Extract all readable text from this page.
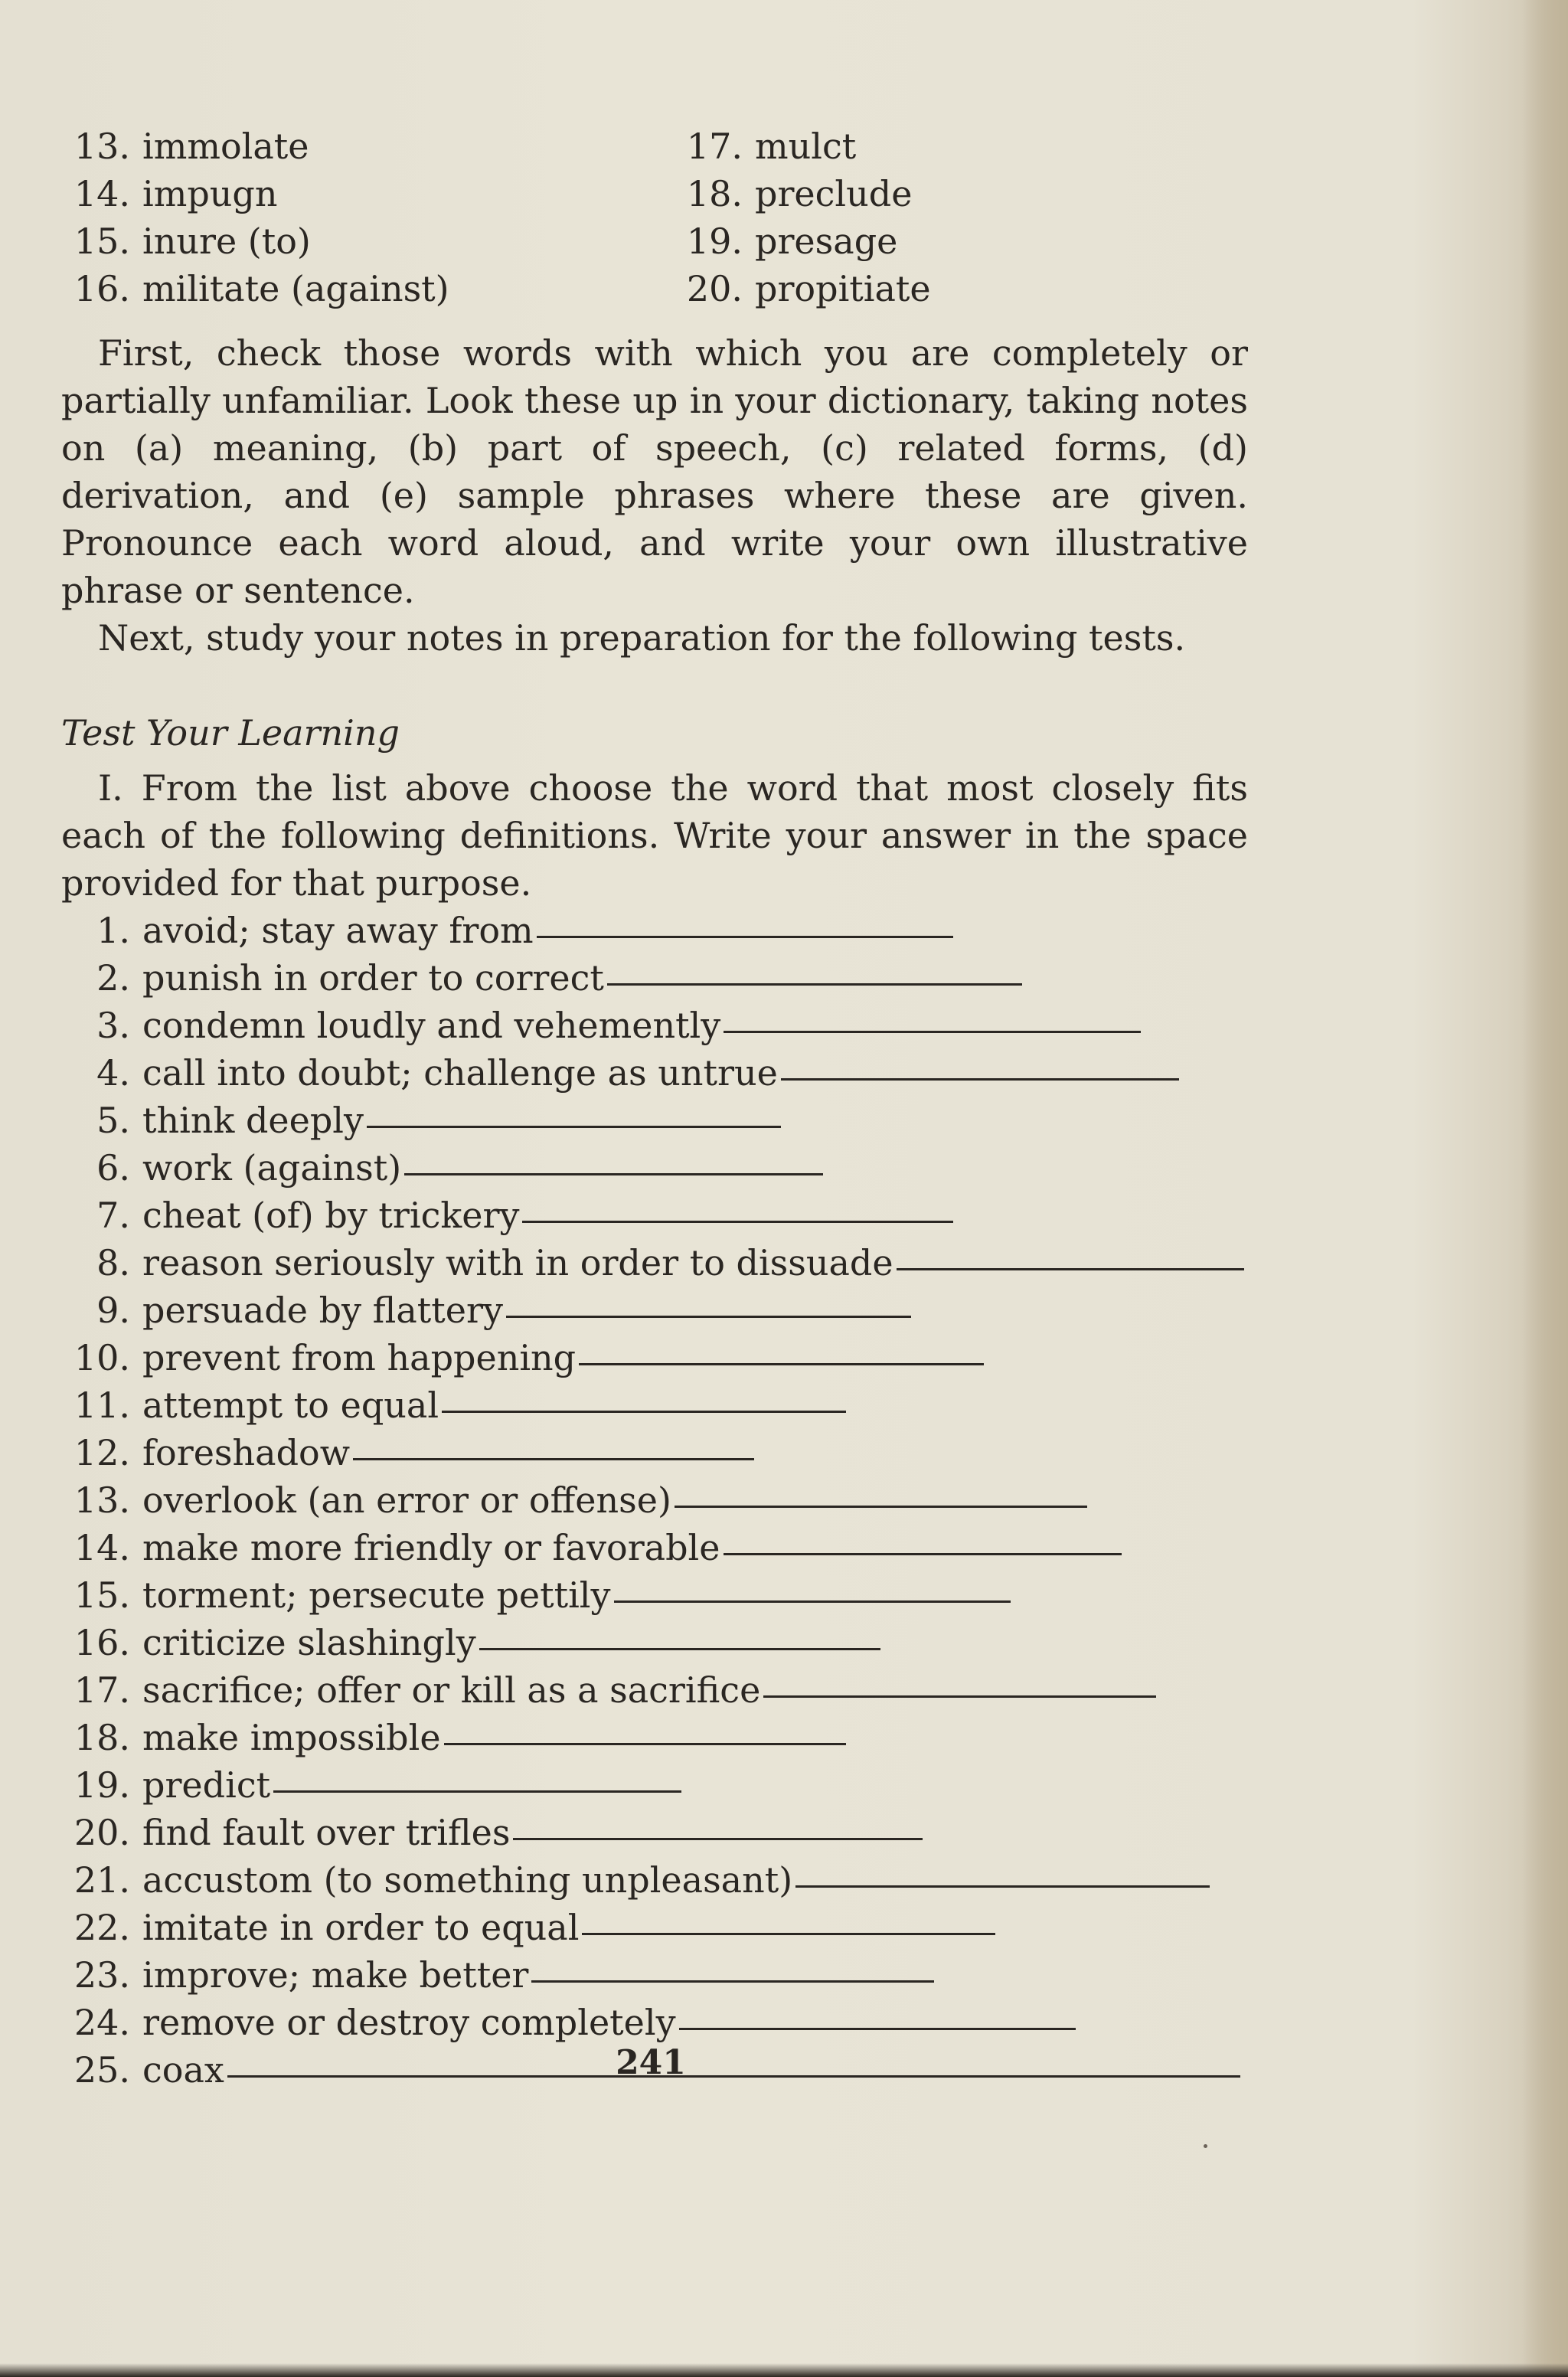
13. immolate
14. impugn
15. inure (to)
16. militate (against)
17. mulct
18. preclude
19. presage
20. propitiate

First, check those words with which you are completely or partially unfamiliar. Look these up in your dictionary, taking notes on (a) meaning, (b) part of speech, (c) related forms, (d) derivation, and (e) sample phrases where these are given. Pronounce each word aloud, and write your own illustrative phrase or sentence.

Next, study your notes in preparation for the following tests.

Test Your Learning

I. From the list above choose the word that most closely fits each of the following definitions. Write your answer in the space provided for that purpose.

1. avoid; stay away from
2. punish in order to correct
3. condemn loudly and vehemently
4. call into doubt; challenge as untrue
5. think deeply
6. work (against)
7. cheat (of) by trickery
8. reason seriously with in order to dissuade
9. persuade by flattery
10. prevent from happening
11. attempt to equal
12. foreshadow
13. overlook (an error or offense)
14. make more friendly or favorable
15. torment; persecute pettily
16. criticize slashingly
17. sacrifice; offer or kill as a sacrifice
18. make impossible
19. predict
20. find fault over trifles
21. accustom (to something unpleasant)
22. imitate in order to equal
23. improve; make better
24. remove or destroy completely
25. coax	241
